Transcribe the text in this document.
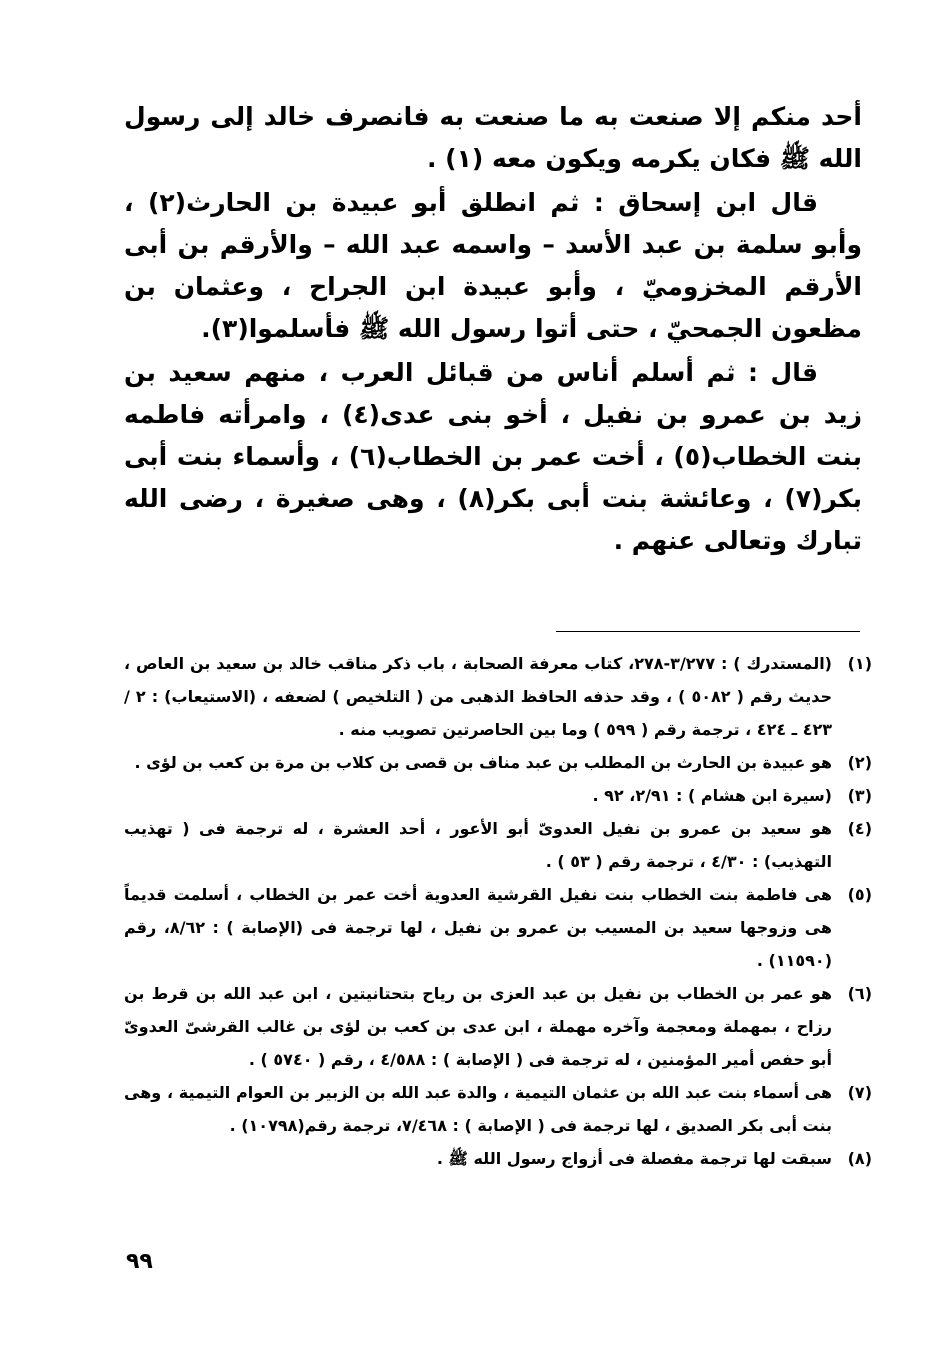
أحد منكم إلا صنعت به ما صنعت به فانصرف خالد إلى رسول الله ﷺ فكان يكرمه ويكون معه (١) .

قال ابن إسحاق : ثم انطلق أبو عبيدة بن الحارث(٢) ، وأبو سلمة بن عبد الأسد – واسمه عبد الله – والأرقم بن أبى الأرقم المخزوميّ ، وأبو عبيدة ابن الجراح ، وعثمان بن مظعون الجمحيّ ، حتى أتوا رسول الله ﷺ فأسلموا(٣).

قال : ثم أسلم أناس من قبائل العرب ، منهم سعيد بن زيد بن عمرو بن نفيل ، أخو بنى عدى(٤) ، وامرأته فاطمه بنت الخطاب(٥) ، أخت عمر بن الخطاب(٦) ، وأسماء بنت أبى بكر(٧) ، وعائشة بنت أبى بكر(٨) ، وهى صغيرة ، رضى الله تبارك وتعالى عنهم .

(١)
(المستدرك ) : ٣/٢٧٧-٢٧٨، كتاب معرفة الصحابة ، باب ذكر مناقب خالد بن سعيد بن العاص ، حديث رقم ( ٥٠٨٢ ) ، وقد حذفه الحافظ الذهبى من ( التلخيص ) لضعفه ، (الاستيعاب) : ٢ / ٤٢٣ ـ ٤٢٤ ، ترجمة رقم ( ٥٩٩ ) وما بين الحاصرتين تصويب منه .

(٢)
هو عبيدة بن الحارث بن المطلب بن عبد مناف بن قصى بن كلاب بن مرة بن كعب بن لؤى .

(٣)
(سيرة ابن هشام ) : ٢/٩١، ٩٢ .

(٤)
هو سعيد بن عمرو بن نفيل العدوىّ أبو الأعور ، أحد العشرة ، له ترجمة فى ( تهذيب التهذيب) : ٤/٣٠ ، ترجمة رقم ( ٥٣ ) .

(٥)
هى فاطمة بنت الخطاب بنت نفيل القرشية العدوية أخت عمر بن الخطاب ، أسلمت قديماً هى وزوجها سعيد بن المسيب بن عمرو بن نفيل ، لها ترجمة فى (الإصابة ) : ٨/٦٢، رقم (١١٥٩٠) .

(٦)
هو عمر بن الخطاب بن نفيل بن عبد العزى بن رياح بتحتانيتين ، ابن عبد الله بن قرط بن رزاح ، بمهملة ومعجمة وآخره مهملة ، ابن عدى بن كعب بن لؤى بن غالب القرشىّ العدوىّ أبو حفص أمير المؤمنين ، له ترجمة فى ( الإصابة ) : ٤/٥٨٨ ، رقم ( ٥٧٤٠ ) .

(٧)
هى أسماء بنت عبد الله بن عثمان التيمية ، والدة عبد الله بن الزبير بن العوام التيمية ، وهى بنت أبى بكر الصديق ، لها ترجمة فى ( الإصابة ) : ٧/٤٦٨، ترجمة رقم(١٠٧٩٨) .

(٨)
سبقت لها ترجمة مفصلة فى أزواج رسول الله ﷺ .

٩٩
